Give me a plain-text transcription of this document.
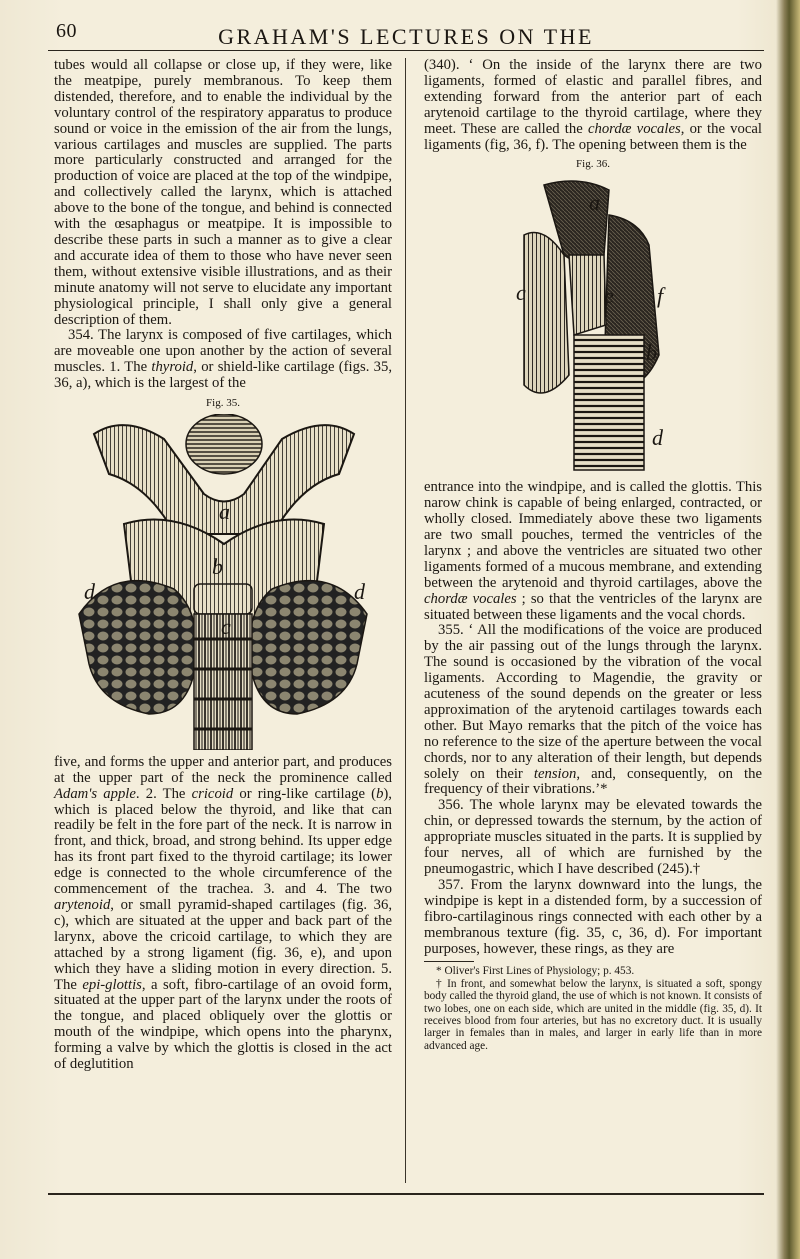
60	GRAHAM'S LECTURES ON THE

tubes would all collapse or close up, if they were, like the meatpipe, purely membranous. To keep them distended, therefore, and to enable the individual by the voluntary control of the respiratory apparatus to produce sound or voice in the emission of the air from the lungs, various cartilages and muscles are supplied. The parts more particularly constructed and arranged for the production of voice are placed at the top of the windpipe, and collectively called the larynx, which is attached above to the bone of the tongue, and behind is connected with the œsaphagus or meatpipe. It is impossible to describe these parts in such a manner as to give a clear and accurate idea of them to those who have never seen them, without extensive visible illustrations, and as their minute anatomy will not serve to elucidate any important physiological principle, I shall only give a general description of them.

354. The larynx is composed of five cartilages, which are moveable one upon another by the action of several muscles. 1. The thyroid, or shield-like cartilage (figs. 35, 36, a), which is the largest of the

Fig. 35.
a
b
c
d	d

five, and forms the upper and anterior part, and produces at the upper part of the neck the prominence called Adam's apple. 2. The cricoid or ring-like cartilage (b), which is placed below the thyroid, and like that can readily be felt in the fore part of the neck. It is narrow in front, and thick, broad, and strong behind. Its upper edge has its front part fixed to the thyroid cartilage; its lower edge is connected to the whole circumference of the commencement of the trachea. 3. and 4. The two arytenoid, or small pyramid-shaped cartilages (fig. 36, c), which are situated at the upper and back part of the larynx, above the cricoid cartilage, to which they are attached by a strong ligament (fig. 36, e), and upon which they have a sliding motion in every direction. 5. The epi-glottis, a soft, fibro-cartilage of an ovoid form, situated at the upper part of the larynx under the roots of the tongue, and placed obliquely over the glottis or mouth of the windpipe, which opens into the pharynx, forming a valve by which the glottis is closed in the act of deglutition

(340). ‘ On the inside of the larynx there are two ligaments, formed of elastic and parallel fibres, and extending forward from the anterior part of each arytenoid cartilage to the thyroid cartilage, where they meet. These are called the chordæ vocales, or the vocal ligaments (fig, 36, f). The opening between them is the

Fig. 36.
a
c	e f
b
d

entrance into the windpipe, and is called the glottis. This narow chink is capable of being enlarged, contracted, or wholly closed. Immediately above these two ligaments are two small pouches, termed the ventricles of the larynx ; and above the ventricles are situated two other ligaments formed of a mucous membrane, and extending between the arytenoid and thyroid cartilages, above the chordæ vocales ; so that the ventricles of the larynx are situated between these ligaments and the vocal chords.

355. ‘ All the modifications of the voice are produced by the air passing out of the lungs through the larynx. The sound is occasioned by the vibration of the vocal ligaments. According to Magendie, the gravity or acuteness of the sound depends on the greater or less approximation of the arytenoid cartilages towards each other. But Mayo remarks that the pitch of the voice has no reference to the size of the aperture between the vocal chords, nor to any alteration of their length, but depends solely on their tension, and, consequently, on the frequency of their vibrations.’*

356. The whole larynx may be elevated towards the chin, or depressed towards the sternum, by the action of appropriate muscles situated in the parts. It is supplied by four nerves, all of which are furnished by the pneumogastric, which I have described (245).†

357. From the larynx downward into the lungs, the windpipe is kept in a distended form, by a succession of fibro-cartilaginous rings connected with each other by a membranous texture (fig. 35, c, 36, d). For important purposes, however, these rings, as they are

* Oliver's First Lines of Physiology; p. 453.

† In front, and somewhat below the larynx, is situated a soft, spongy body called the thyroid gland, the use of which is not known. It consists of two lobes, one on each side, which are united in the middle (fig. 35, d). It receives blood from four arteries, but has no excretory duct. It is usually larger in females than in males, and larger in early life than in more advanced age.
